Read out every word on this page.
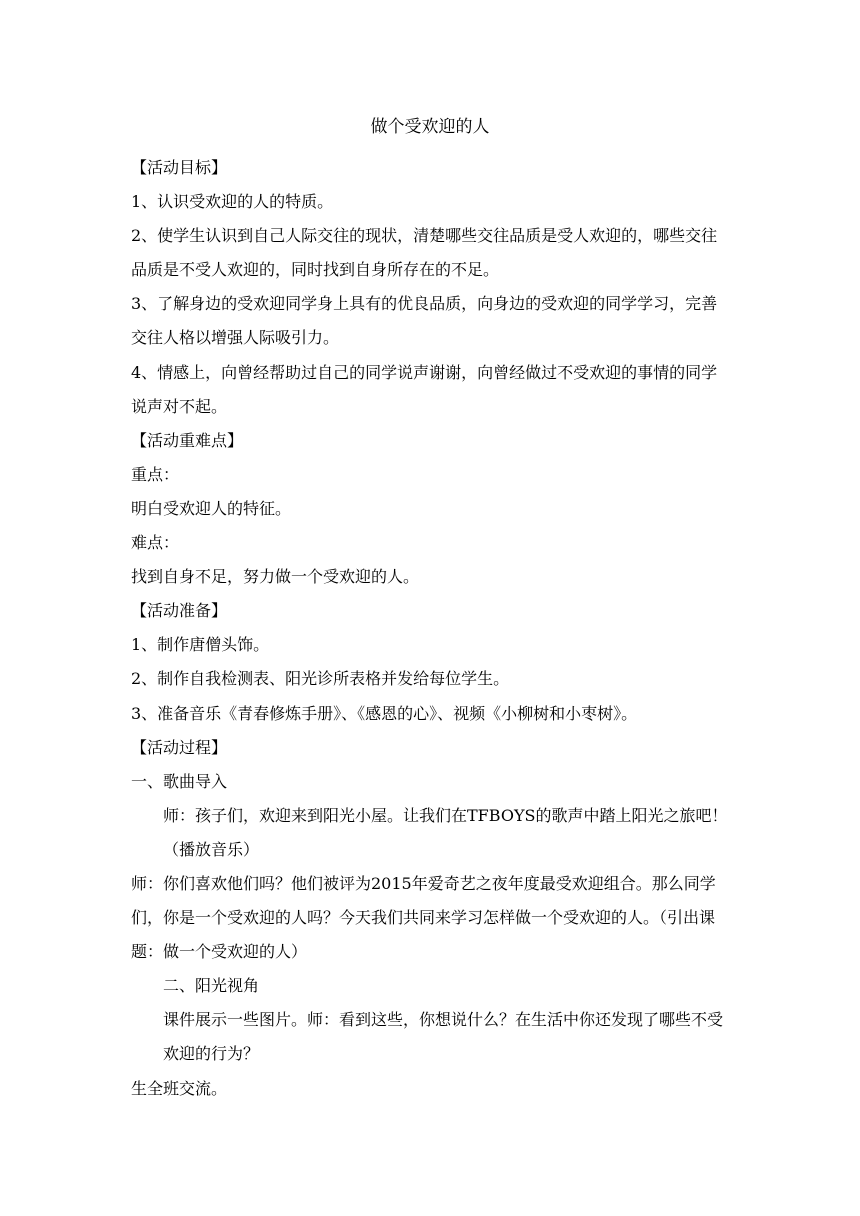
做个受欢迎的人

【活动目标】

1、认识受欢迎的人的特质。

2、使学生认识到自己人际交往的现状，清楚哪些交往品质是受人欢迎的，哪些交往品质是不受人欢迎的，同时找到自身所存在的不足。

3、了解身边的受欢迎同学身上具有的优良品质，向身边的受欢迎的同学学习，完善交往人格以增强人际吸引力。

4、情感上，向曾经帮助过自己的同学说声谢谢，向曾经做过不受欢迎的事情的同学说声对不起。

【活动重难点】

重点：

明白受欢迎人的特征。

难点：

找到自身不足，努力做一个受欢迎的人。

【活动准备】

1、制作唐僧头饰。

2、制作自我检测表、阳光诊所表格并发给每位学生。

3、准备音乐《青春修炼手册》、《感恩的心》、视频《小柳树和小枣树》。

【活动过程】

一、歌曲导入

师：孩子们，欢迎来到阳光小屋。让我们在TFBOYS的歌声中踏上阳光之旅吧！（播放音乐）

师：你们喜欢他们吗？他们被评为2015年爱奇艺之夜年度最受欢迎组合。那么同学们，你是一个受欢迎的人吗？今天我们共同来学习怎样做一个受欢迎的人。（引出课题：做一个受欢迎的人）

二、阳光视角

课件展示一些图片。师：看到这些，你想说什么？在生活中你还发现了哪些不受欢迎的行为？

生全班交流。
